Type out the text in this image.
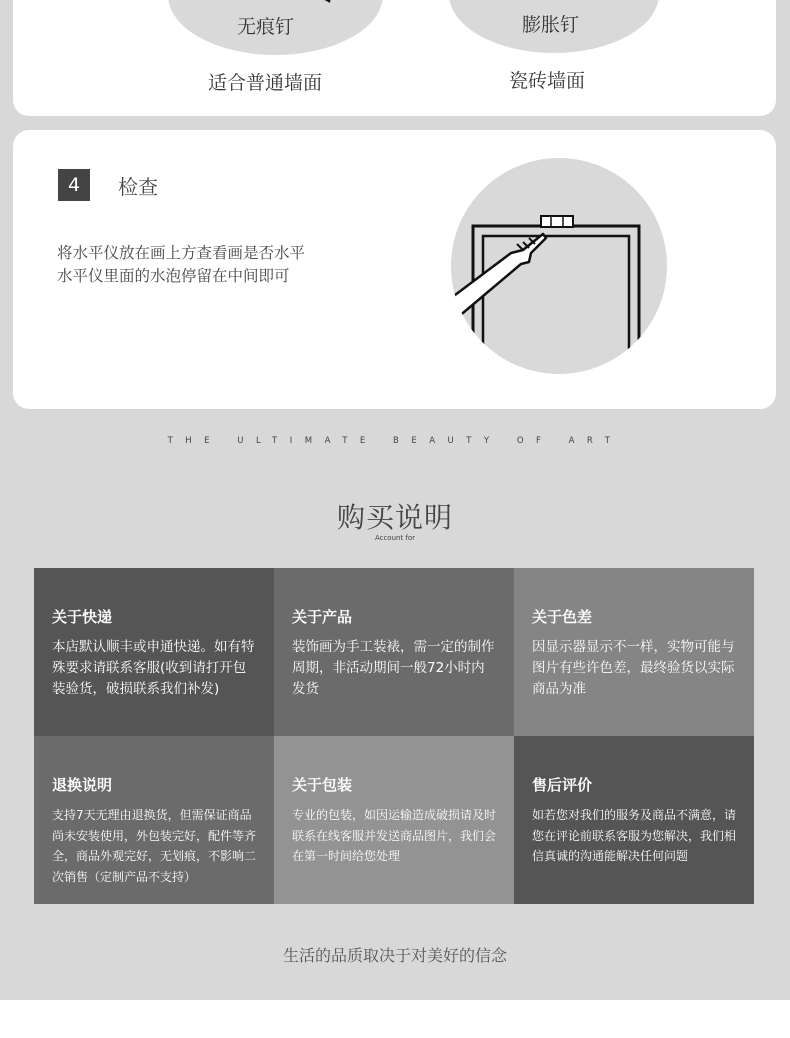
无痕钉
适合普通墙面
膨胀钉
瓷砖墙面
4	检查
将水平仪放在画上方查看画是否水平
水平仪里面的水泡停留在中间即可
THE ULTIMATE BEAUTY OF ART
购买说明
Account for
关于快递

本店默认顺丰或申通快递。如有特殊要求请联系客服(收到请打开包装验货，破损联系我们补发)

关于产品

装饰画为手工装裱，需一定的制作周期，非活动期间一般72小时内发货

关于色差

因显示器显示不一样，实物可能与图片有些许色差，最终验货以实际商品为准

退换说明

支持7天无理由退换货，但需保证商品尚未安装使用，外包装完好，配件等齐全，商品外观完好，无划痕，不影响二次销售（定制产品不支持）

关于包装

专业的包装，如因运输造成破损请及时联系在线客服并发送商品图片，我们会在第一时间给您处理

售后评价

如若您对我们的服务及商品不满意，请您在评论前联系客服为您解决，我们相信真诚的沟通能解决任何问题

生活的品质取决于对美好的信念
